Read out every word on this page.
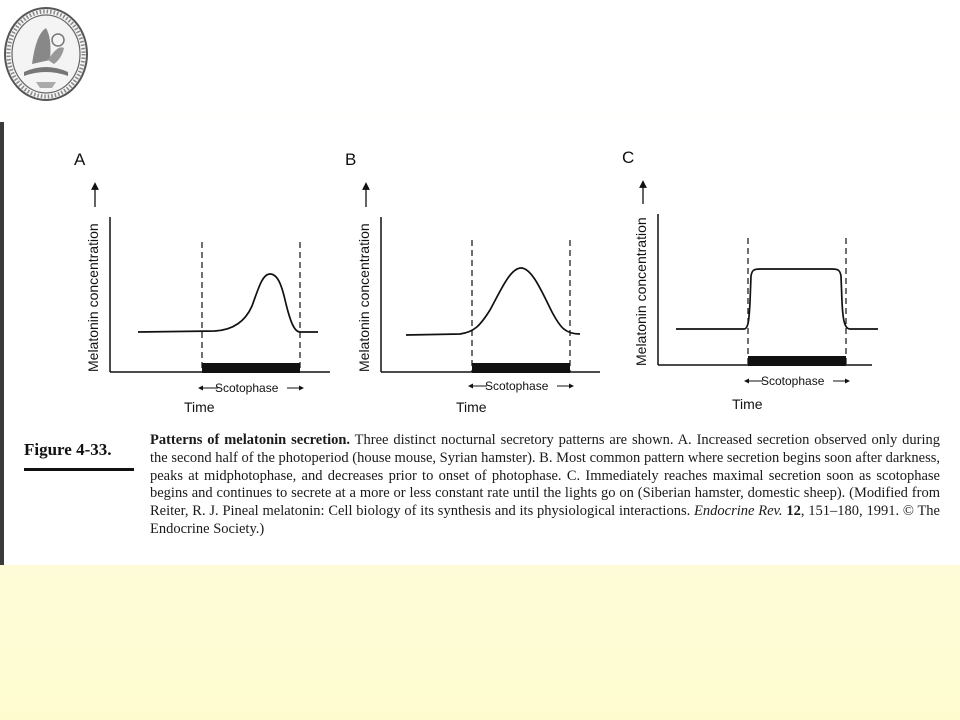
A
Melatonin concentration
Scotophase
Time
B
Melatonin concentration
Scotophase
Time
C
Melatonin concentration
Scotophase
Time
Figure 4-33.	Patterns of melatonin secretion. Three distinct nocturnal secretory patterns are shown. A. Increased secretion observed only during the second half of the photoperiod (house mouse, Syrian hamster). B. Most common pattern where secretion begins soon after darkness, peaks at midphotophase, and decreases prior to onset of photophase. C. Immediately reaches maximal secretion soon as scotophase begins and continues to secrete at a more or less constant rate until the lights go on (Siberian hamster, domestic sheep). (Modified from Reiter, R. J. Pineal melatonin: Cell biology of its synthesis and its physiological interactions. Endocrine Rev. 12, 151–180, 1991. © The Endocrine Society.)
